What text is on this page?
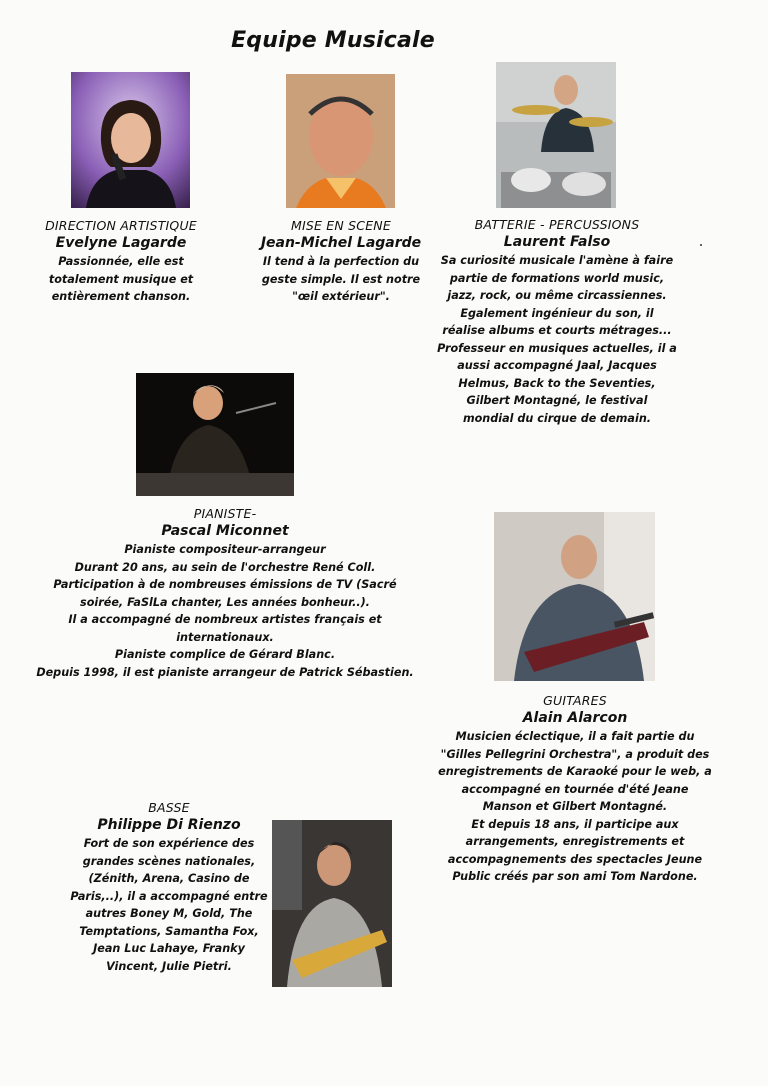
Equipe Musicale
DIRECTION ARTISTIQUE
Evelyne Lagarde
Passionnée, elle est
totalement musique et
entièrement chanson.
MISE EN SCENE
Jean-Michel Lagarde
Il tend à la perfection du
geste simple. Il est notre
"œil extérieur".
BATTERIE - PERCUSSIONS
Laurent Falso
Sa curiosité musicale l'amène à faire
partie de formations world music,
jazz, rock, ou même circassiennes.
Egalement ingénieur du son, il
réalise albums et courts métrages...
Professeur en musiques actuelles, il a
aussi accompagné Jaal, Jacques
Helmus, Back to the Seventies,
Gilbert Montagné, le festival
mondial du cirque de demain.
PIANISTE-
Pascal Miconnet
Pianiste compositeur-arrangeur
Durant 20 ans, au sein de l'orchestre René Coll.
Participation à de nombreuses émissions de TV (Sacré
soirée, FaSlLa chanter, Les années bonheur..).
Il a accompagné de nombreux artistes français et
internationaux.
Pianiste complice de Gérard Blanc.
Depuis 1998, il est pianiste arrangeur de Patrick Sébastien.
GUITARES
Alain Alarcon
Musicien éclectique, il a fait partie du
"Gilles Pellegrini Orchestra", a produit des
enregistrements de Karaoké pour le web, a
accompagné en tournée d'été Jeane
Manson et Gilbert Montagné.
Et depuis 18 ans, il participe aux
arrangements, enregistrements et
accompagnements des spectacles Jeune
Public créés par son ami Tom Nardone.
BASSE
Philippe Di Rienzo
Fort de son expérience des
grandes scènes nationales,
(Zénith, Arena, Casino de
Paris,..), il a accompagné entre
autres Boney M, Gold, The
Temptations, Samantha Fox,
Jean Luc Lahaye, Franky
Vincent, Julie Pietri.
